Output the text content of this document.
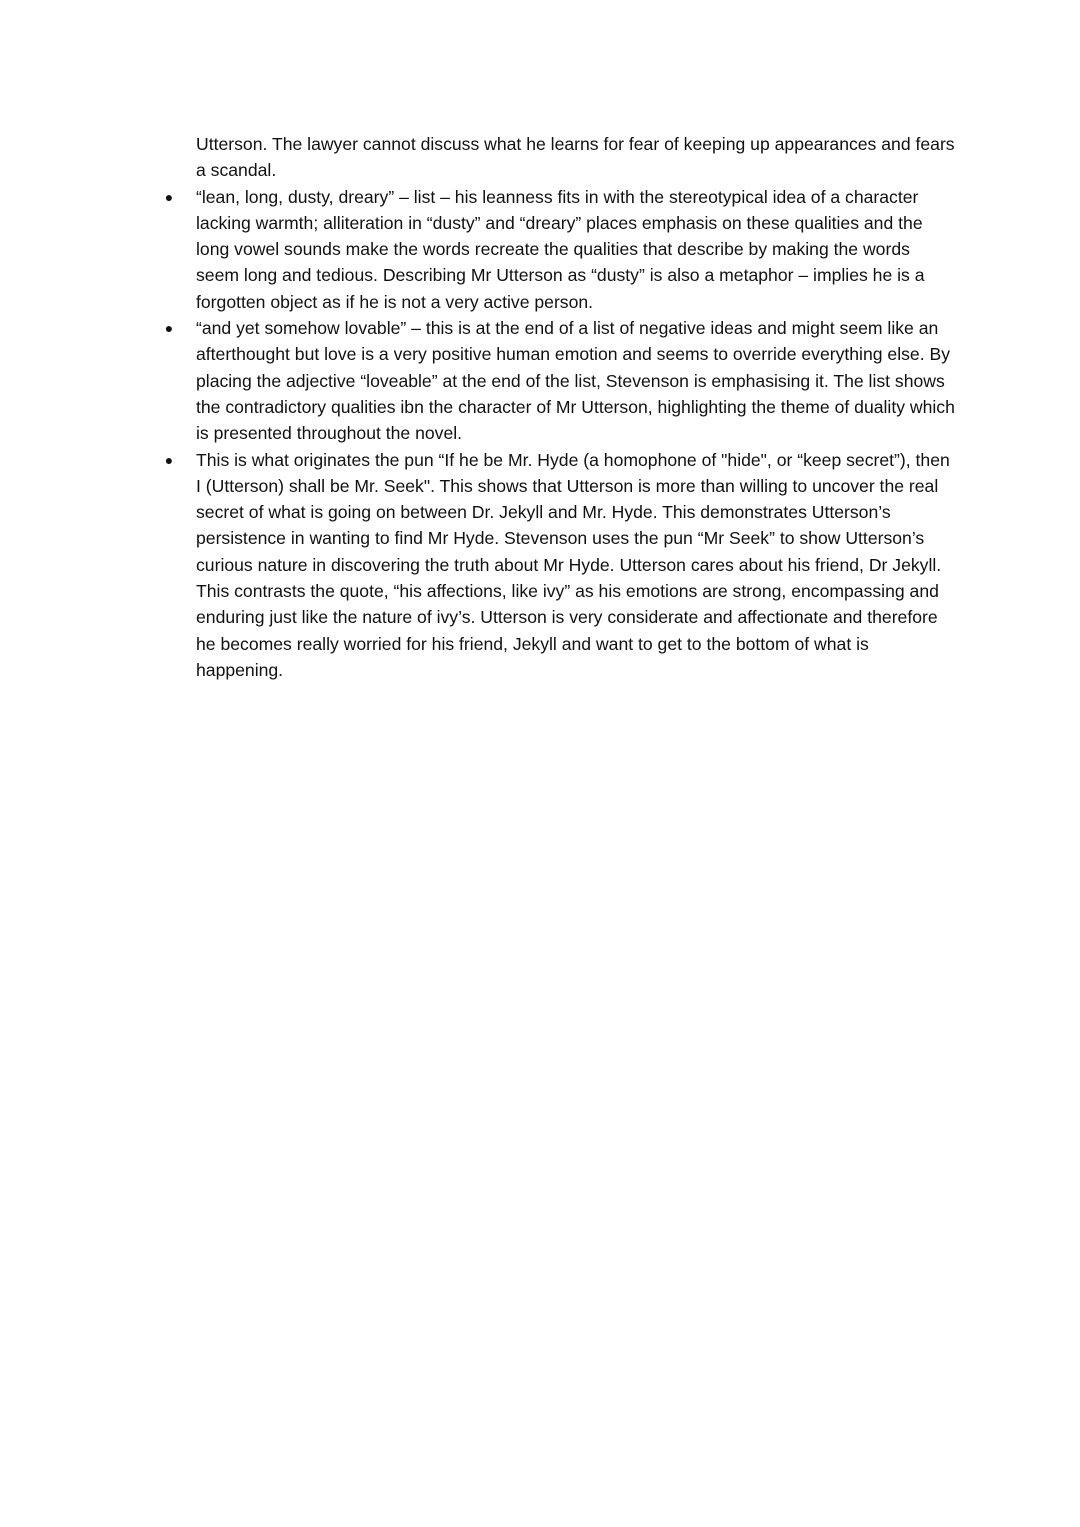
Utterson. The lawyer cannot discuss what he learns for fear of keeping up appearances and fears a scandal.

● “lean, long, dusty, dreary” – list – his leanness fits in with the stereotypical idea of a character lacking warmth; alliteration in “dusty” and “dreary” places emphasis on these qualities and the long vowel sounds make the words recreate the qualities that describe by making the words seem long and tedious. Describing Mr Utterson as “dusty” is also a metaphor – implies he is a forgotten object as if he is not a very active person.
● “and yet somehow lovable” – this is at the end of a list of negative ideas and might seem like an afterthought but love is a very positive human emotion and seems to override everything else. By placing the adjective “loveable” at the end of the list, Stevenson is emphasising it. The list shows the contradictory qualities ibn the character of Mr Utterson, highlighting the theme of duality which is presented throughout the novel.
● This is what originates the pun “If he be Mr. Hyde (a homophone of "hide", or “keep secret”), then I (Utterson) shall be Mr. Seek". This shows that Utterson is more than willing to uncover the real secret of what is going on between Dr. Jekyll and Mr. Hyde. This demonstrates Utterson’s persistence in wanting to find Mr Hyde. Stevenson uses the pun “Mr Seek” to show Utterson’s curious nature in discovering the truth about Mr Hyde. Utterson cares about his friend, Dr Jekyll. This contrasts the quote, “his affections, like ivy” as his emotions are strong, encompassing and enduring just like the nature of ivy’s. Utterson is very considerate and affectionate and therefore he becomes really worried for his friend, Jekyll and want to get to the bottom of what is happening.
